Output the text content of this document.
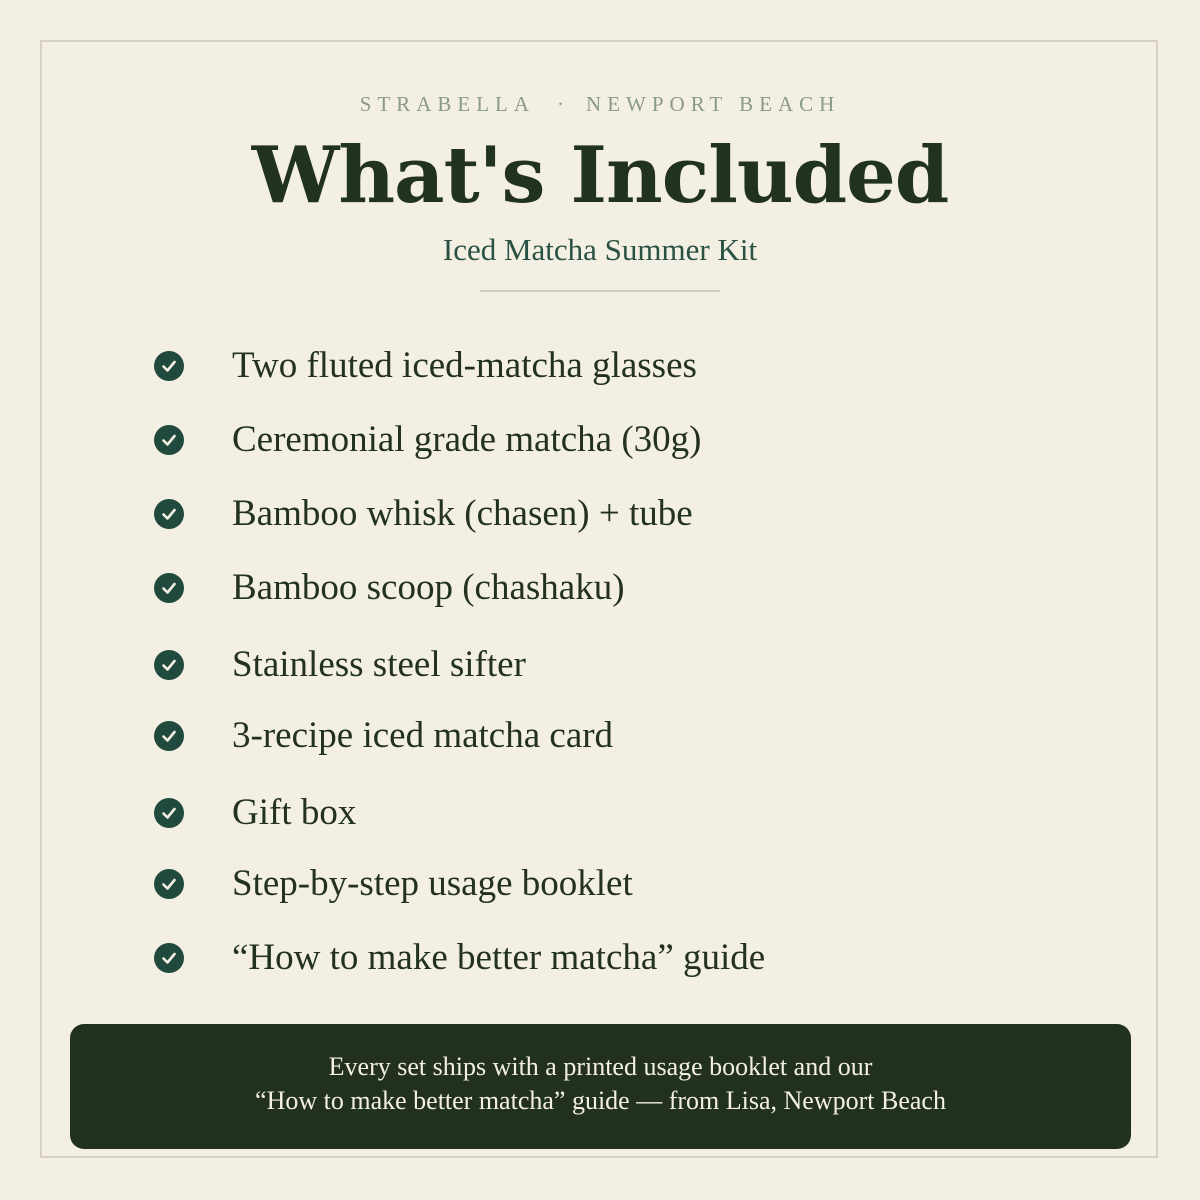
STRABELLA · NEWPORT BEACH
What's Included
Iced Matcha Summer Kit
Two fluted iced-matcha glasses
Ceremonial grade matcha (30g)
Bamboo whisk (chasen) + tube
Bamboo scoop (chashaku)
Stainless steel sifter
3-recipe iced matcha card
Gift box
Step-by-step usage booklet
“How to make better matcha” guide
Every set ships with a printed usage booklet and our
“How to make better matcha” guide — from Lisa, Newport Beach
